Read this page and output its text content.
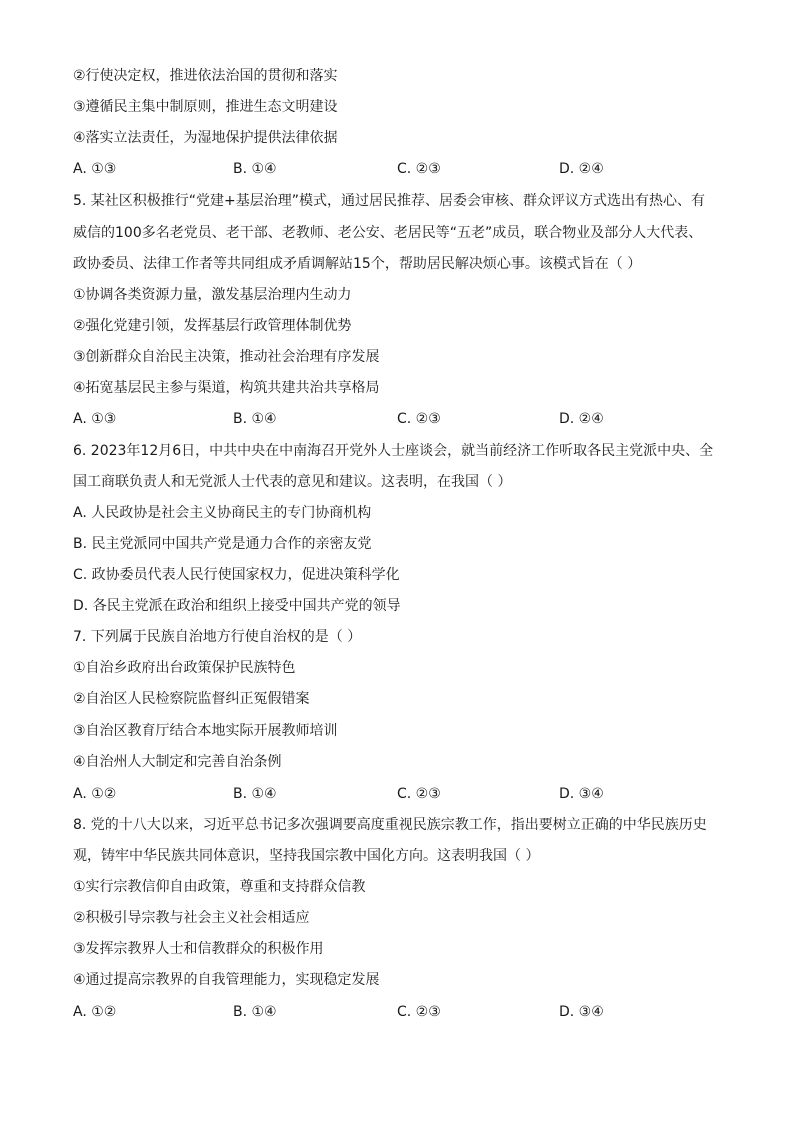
②行使决定权，推进依法治国的贯彻和落实
③遵循民主集中制原则，推进生态文明建设
④落实立法责任，为湿地保护提供法律依据
A. ①③	B. ①④	C. ②③	D. ②④
5. 某社区积极推行“党建+基层治理”模式，通过居民推荐、居委会审核、群众评议方式选出有热心、有
威信的100多名老党员、老干部、老教师、老公安、老居民等“五老”成员，联合物业及部分人大代表、
政协委员、法律工作者等共同组成矛盾调解站15个，帮助居民解决烦心事。该模式旨在（ ）
①协调各类资源力量，激发基层治理内生动力
②强化党建引领，发挥基层行政管理体制优势
③创新群众自治民主决策，推动社会治理有序发展
④拓宽基层民主参与渠道，构筑共建共治共享格局
A. ①③	B. ①④	C. ②③	D. ②④
6. 2023年12月6日，中共中央在中南海召开党外人士座谈会，就当前经济工作听取各民主党派中央、全
国工商联负责人和无党派人士代表的意见和建议。这表明，在我国（ ）
A. 人民政协是社会主义协商民主的专门协商机构
B. 民主党派同中国共产党是通力合作的亲密友党
C. 政协委员代表人民行使国家权力，促进决策科学化
D. 各民主党派在政治和组织上接受中国共产党的领导
7. 下列属于民族自治地方行使自治权的是（ ）
①自治乡政府出台政策保护民族特色
②自治区人民检察院监督纠正冤假错案
③自治区教育厅结合本地实际开展教师培训
④自治州人大制定和完善自治条例
A. ①②	B. ①④	C. ②③	D. ③④
8. 党的十八大以来，习近平总书记多次强调要高度重视民族宗教工作，指出要树立正确的中华民族历史
观，铸牢中华民族共同体意识，坚持我国宗教中国化方向。这表明我国（ ）
①实行宗教信仰自由政策，尊重和支持群众信教
②积极引导宗教与社会主义社会相适应
③发挥宗教界人士和信教群众的积极作用
④通过提高宗教界的自我管理能力，实现稳定发展
A. ①②	B. ①④	C. ②③	D. ③④
